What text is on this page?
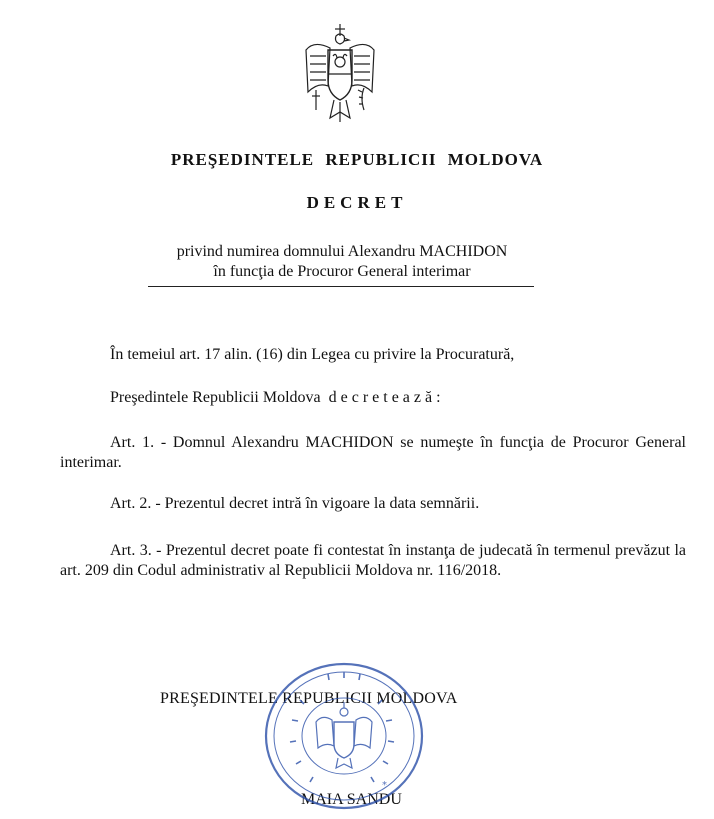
PREŞEDINTELE REPUBLICII MOLDOVA
DECRET
privind numirea domnului Alexandru MACHIDON
în funcţia de Procuror General interimar
În temeiul art. 17 alin. (16) din Legea cu privire la Procuratură,
Preşedintele Republicii Moldova decretează:
Art. 1. - Domnul Alexandru MACHIDON se numeşte în funcţia de Procuror General interimar.
Art. 2. - Prezentul decret intră în vigoare la data semnării.
Art. 3. - Prezentul decret poate fi contestat în instanţa de judecată în termenul prevăzut la art. 209 din Codul administrativ al Republicii Moldova nr. 116/2018.
PREŞEDINTELE REPUBLICII MOLDOVA
MAIA SANDU
*
